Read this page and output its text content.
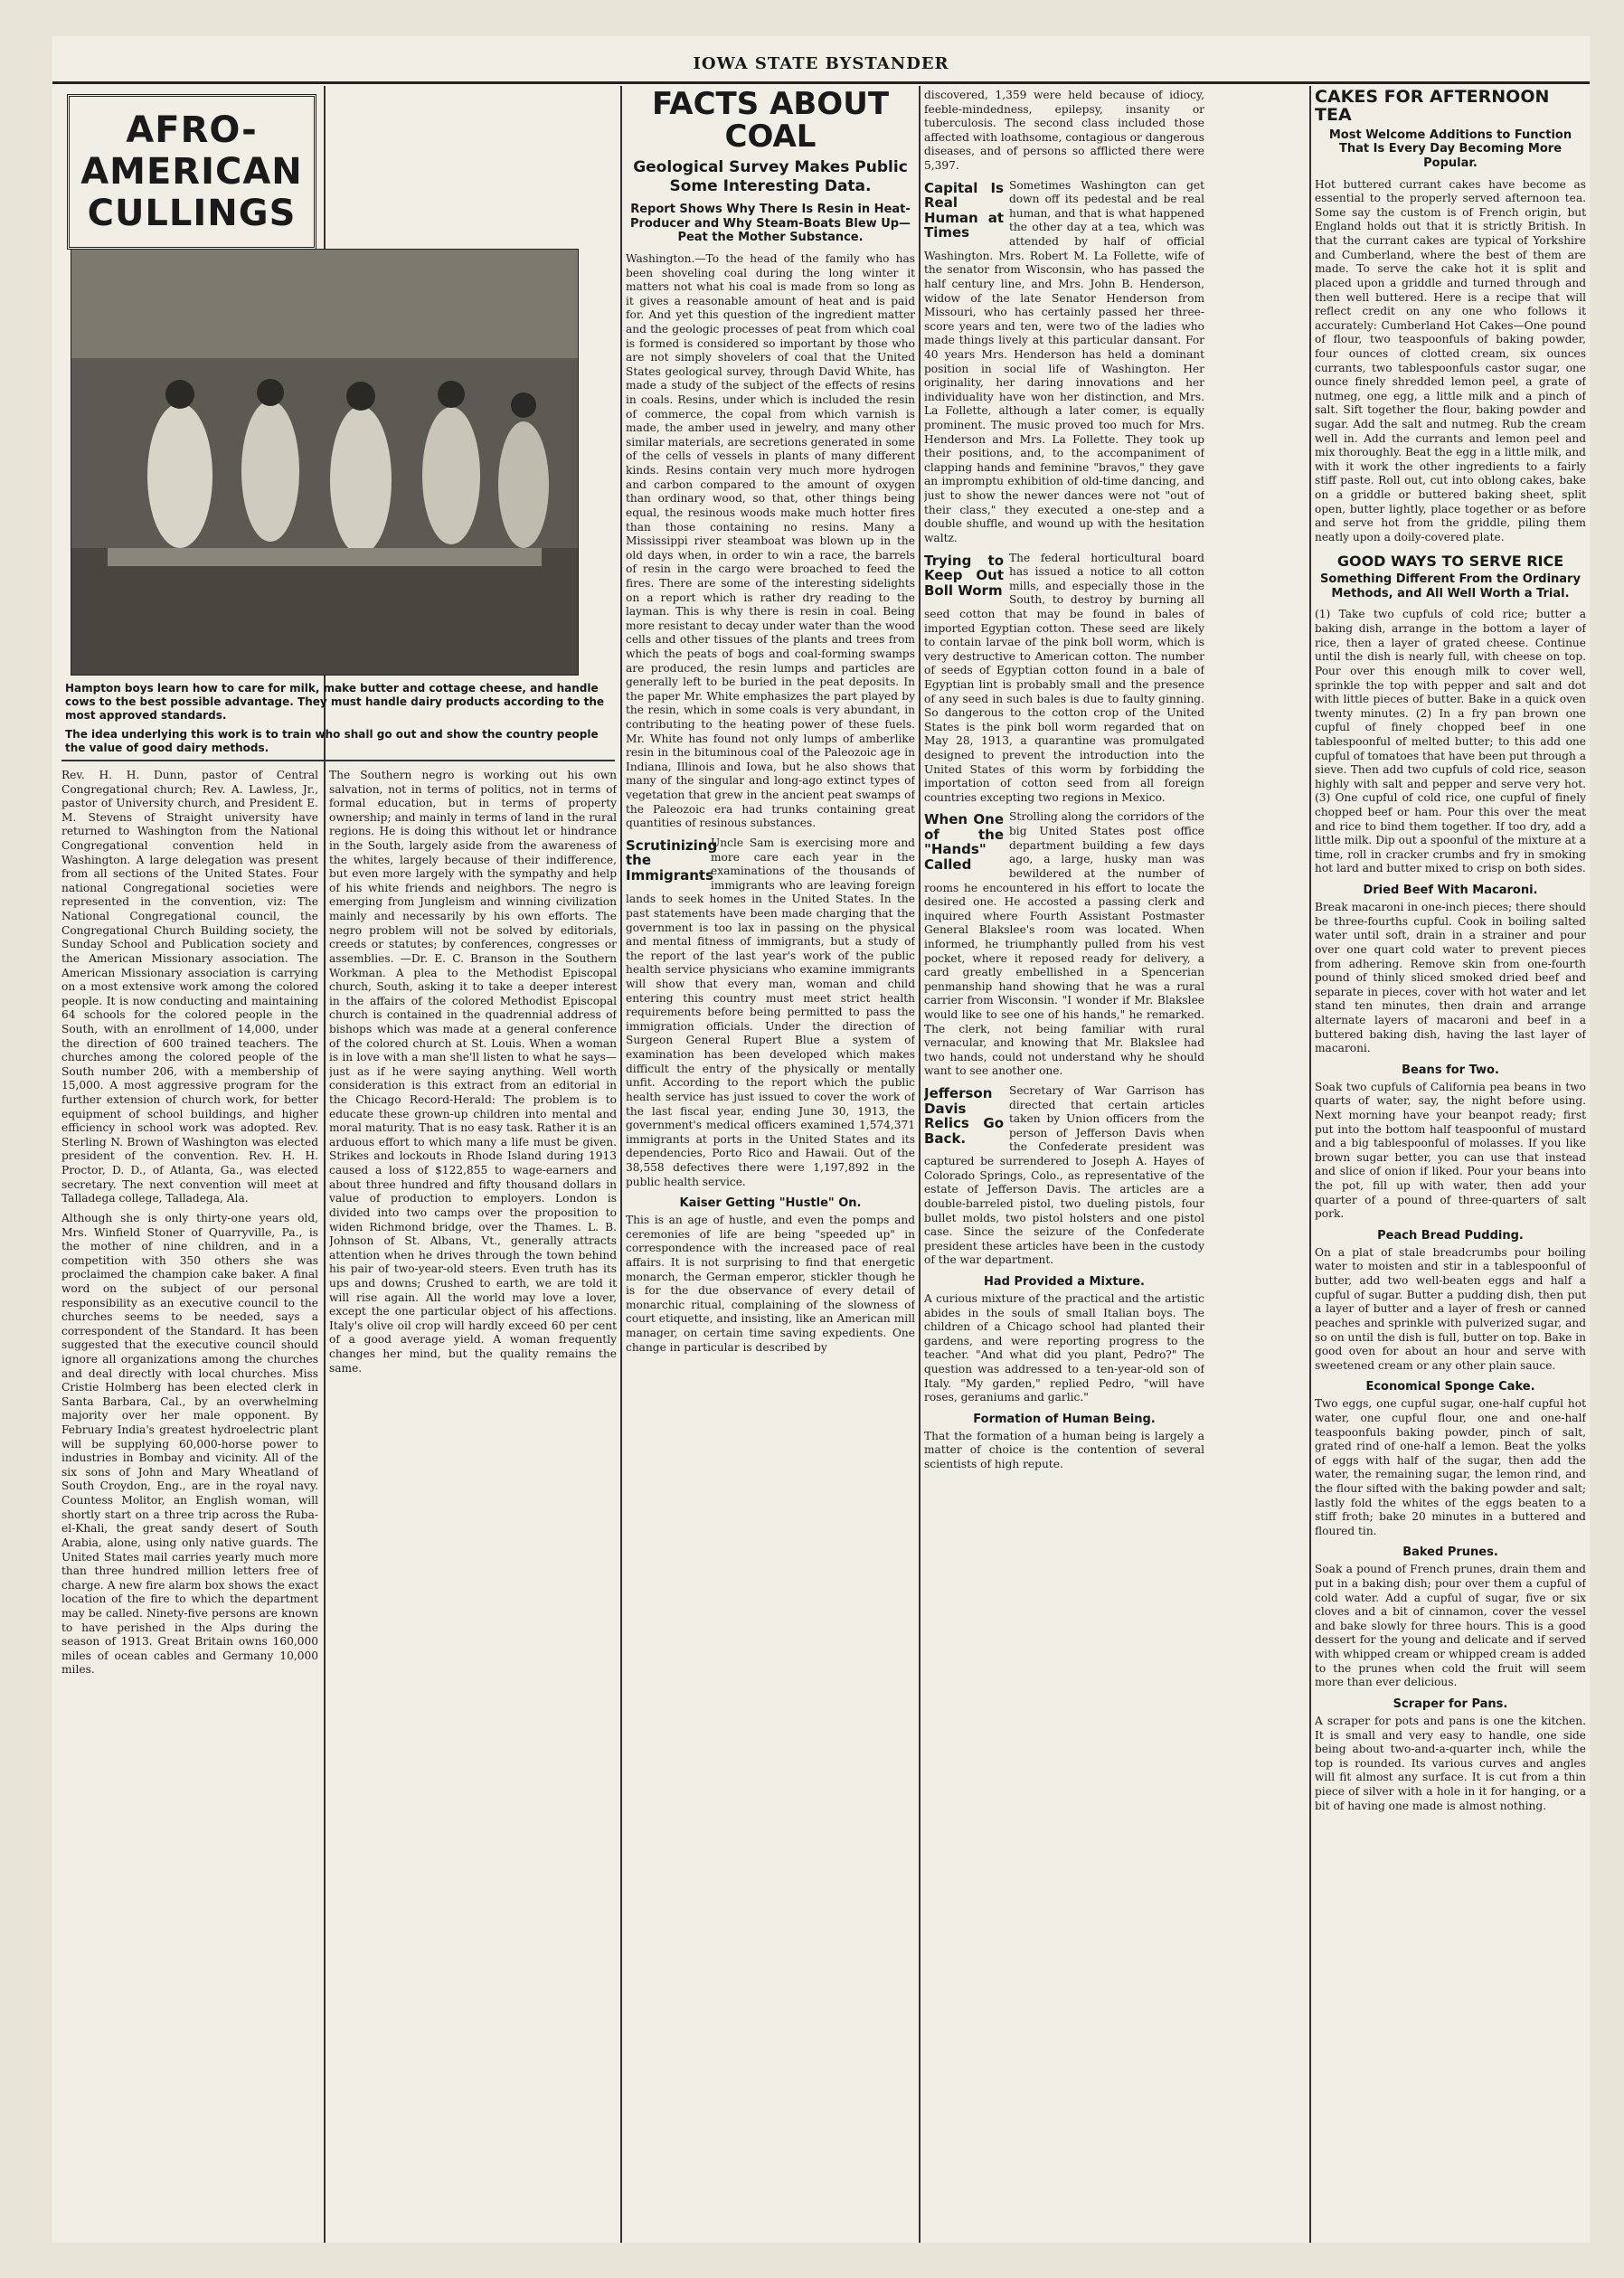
IOWA STATE BYSTANDER
AFRO-AMERICAN CULLINGS
Hampton boys learn how to care for milk, make butter and cottage cheese, and handle cows to the best possible advantage. They must handle dairy products according to the most approved standards.
The idea underlying this work is to train who shall go out and show the country people the value of good dairy methods.
Rev. H. H. Dunn, pastor of Central Congregational church; Rev. A. Lawless, Jr., pastor of University church, and President E. M. Stevens of Straight university have returned to Washington from the National Congregational convention held in Washington. A large delegation was present from all sections of the United States. Four national Congregational societies were represented in the convention, viz: The National Congregational council, the Congregational Church Building society, the Sunday School and Publication society and the American Missionary association. The American Missionary association is carrying on a most extensive work among the colored people. It is now conducting and maintaining 64 schools for the colored people in the South, with an enrollment of 14,000, under the direction of 600 trained teachers. The churches among the colored people of the South number 206, with a membership of 15,000. A most aggressive program for the further extension of church work, for better equipment of school buildings, and higher efficiency in school work was adopted. Rev. Sterling N. Brown of Washington was elected president of the convention. Rev. H. H. Proctor, D. D., of Atlanta, Ga., was elected secretary. The next convention will meet at Talladega college, Talladega, Ala.
Although she is only thirty-one years old, Mrs. Winfield Stoner of Quarryville, Pa., is the mother of nine children, and in a competition with 350 others she was proclaimed the champion cake baker. A final word on the subject of our personal responsibility as an executive council to the churches seems to be needed, says a correspondent of the Standard. It has been suggested that the executive council should ignore all organizations among the churches and deal directly with local churches. Miss Cristie Holmberg has been elected clerk in Santa Barbara, Cal., by an overwhelming majority over her male opponent. By February India's greatest hydroelectric plant will be supplying 60,000-horse power to industries in Bombay and vicinity. All of the six sons of John and Mary Wheatland of South Croydon, Eng., are in the royal navy. Countess Molitor, an English woman, will shortly start on a three trip across the Ruba-el-Khali, the great sandy desert of South Arabia, alone, using only native guards. The United States mail carries yearly much more than three hundred million letters free of charge. A new fire alarm box shows the exact location of the fire to which the department may be called. Ninety-five persons are known to have perished in the Alps during the season of 1913. Great Britain owns 160,000 miles of ocean cables and Germany 10,000 miles.
The Southern negro is working out his own salvation, not in terms of politics, not in terms of formal education, but in terms of property ownership; and mainly in terms of land in the rural regions. He is doing this without let or hindrance in the South, largely aside from the awareness of the whites, largely because of their indifference, but even more largely with the sympathy and help of his white friends and neighbors. The negro is emerging from Jungleism and winning civilization mainly and necessarily by his own efforts. The negro problem will not be solved by editorials, creeds or statutes; by conferences, congresses or assemblies. —Dr. E. C. Branson in the Southern Workman. A plea to the Methodist Episcopal church, South, asking it to take a deeper interest in the affairs of the colored Methodist Episcopal church is contained in the quadrennial address of bishops which was made at a general conference of the colored church at St. Louis. When a woman is in love with a man she'll listen to what he says—just as if he were saying anything. Well worth consideration is this extract from an editorial in the Chicago Record-Herald: The problem is to educate these grown-up children into mental and moral maturity. That is no easy task. Rather it is an arduous effort to which many a life must be given. Strikes and lockouts in Rhode Island during 1913 caused a loss of $122,855 to wage-earners and about three hundred and fifty thousand dollars in value of production to employers. London is divided into two camps over the proposition to widen Richmond bridge, over the Thames. L. B. Johnson of St. Albans, Vt., generally attracts attention when he drives through the town behind his pair of two-year-old steers. Even truth has its ups and downs; Crushed to earth, we are told it will rise again. All the world may love a lover, except the one particular object of his affections. Italy's olive oil crop will hardly exceed 60 per cent of a good average yield. A woman frequently changes her mind, but the quality remains the same.
FACTS ABOUT COAL
Geological Survey Makes Public Some Interesting Data.
Report Shows Why There Is Resin in Heat-Producer and Why Steam-Boats Blew Up—Peat the Mother Substance.
Washington.—To the head of the family who has been shoveling coal during the long winter it matters not what his coal is made from so long as it gives a reasonable amount of heat and is paid for. And yet this question of the ingredient matter and the geologic processes of peat from which coal is formed is considered so important by those who are not simply shovelers of coal that the United States geological survey, through David White, has made a study of the subject of the effects of resins in coals. Resins, under which is included the resin of commerce, the copal from which varnish is made, the amber used in jewelry, and many other similar materials, are secretions generated in some of the cells of vessels in plants of many different kinds. Resins contain very much more hydrogen and carbon compared to the amount of oxygen than ordinary wood, so that, other things being equal, the resinous woods make much hotter fires than those containing no resins. Many a Mississippi river steamboat was blown up in the old days when, in order to win a race, the barrels of resin in the cargo were broached to feed the fires. There are some of the interesting sidelights on a report which is rather dry reading to the layman. This is why there is resin in coal. Being more resistant to decay under water than the wood cells and other tissues of the plants and trees from which the peats of bogs and coal-forming swamps are produced, the resin lumps and particles are generally left to be buried in the peat deposits. In the paper Mr. White emphasizes the part played by the resin, which in some coals is very abundant, in contributing to the heating power of these fuels. Mr. White has found not only lumps of amberlike resin in the bituminous coal of the Paleozoic age in Indiana, Illinois and Iowa, but he also shows that many of the singular and long-ago extinct types of vegetation that grew in the ancient peat swamps of the Paleozoic era had trunks containing great quantities of resinous substances.
Scrutinizing the Immigrants
Uncle Sam is exercising more and more care each year in the examinations of the thousands of immigrants who are leaving foreign lands to seek homes in the United States. In the past statements have been made charging that the government is too lax in passing on the physical and mental fitness of immigrants, but a study of the report of the last year's work of the public health service physicians who examine immigrants will show that every man, woman and child entering this country must meet strict health requirements before being permitted to pass the immigration officials. Under the direction of Surgeon General Rupert Blue a system of examination has been developed which makes difficult the entry of the physically or mentally unfit. According to the report which the public health service has just issued to cover the work of the last fiscal year, ending June 30, 1913, the government's medical officers examined 1,574,371 immigrants at ports in the United States and its dependencies, Porto Rico and Hawaii. Out of the 38,558 defectives there were 1,197,892 in the public health service.
Kaiser Getting "Hustle" On.
This is an age of hustle, and even the pomps and ceremonies of life are being "speeded up" in correspondence with the increased pace of real affairs. It is not surprising to find that energetic monarch, the German emperor, stickler though he is for the due observance of every detail of monarchic ritual, complaining of the slowness of court etiquette, and insisting, like an American mill manager, on certain time saving expedients. One change in particular is described by
discovered, 1,359 were held because of idiocy, feeble-mindedness, epilepsy, insanity or tuberculosis. The second class included those affected with loathsome, contagious or dangerous diseases, and of persons so afflicted there were 5,397.
Capital Is Real Human at Times
Sometimes Washington can get down off its pedestal and be real human, and that is what happened the other day at a tea, which was attended by half of official Washington. Mrs. Robert M. La Follette, wife of the senator from Wisconsin, who has passed the half century line, and Mrs. John B. Henderson, widow of the late Senator Henderson from Missouri, who has certainly passed her three-score years and ten, were two of the ladies who made things lively at this particular dansant. For 40 years Mrs. Henderson has held a dominant position in social life of Washington. Her originality, her daring innovations and her individuality have won her distinction, and Mrs. La Follette, although a later comer, is equally prominent. The music proved too much for Mrs. Henderson and Mrs. La Follette. They took up their positions, and, to the accompaniment of clapping hands and feminine "bravos," they gave an impromptu exhibition of old-time dancing, and just to show the newer dances were not "out of their class," they executed a one-step and a double shuffle, and wound up with the hesitation waltz.
Trying to Keep Out Boll Worm
The federal horticultural board has issued a notice to all cotton mills, and especially those in the South, to destroy by burning all seed cotton that may be found in bales of imported Egyptian cotton. These seed are likely to contain larvae of the pink boll worm, which is very destructive to American cotton. The number of seeds of Egyptian cotton found in a bale of Egyptian lint is probably small and the presence of any seed in such bales is due to faulty ginning. So dangerous to the cotton crop of the United States is the pink boll worm regarded that on May 28, 1913, a quarantine was promulgated designed to prevent the introduction into the United States of this worm by forbidding the importation of cotton seed from all foreign countries excepting two regions in Mexico.
When One of the "Hands" Called
Strolling along the corridors of the big United States post office department building a few days ago, a large, husky man was bewildered at the number of rooms he encountered in his effort to locate the desired one. He accosted a passing clerk and inquired where Fourth Assistant Postmaster General Blakslee's room was located. When informed, he triumphantly pulled from his vest pocket, where it reposed ready for delivery, a card greatly embellished in a Spencerian penmanship hand showing that he was a rural carrier from Wisconsin. "I wonder if Mr. Blakslee would like to see one of his hands," he remarked. The clerk, not being familiar with rural vernacular, and knowing that Mr. Blakslee had two hands, could not understand why he should want to see another one.
Jefferson Davis Relics Go Back.
Secretary of War Garrison has directed that certain articles taken by Union officers from the person of Jefferson Davis when the Confederate president was captured be surrendered to Joseph A. Hayes of Colorado Springs, Colo., as representative of the estate of Jefferson Davis. The articles are a double-barreled pistol, two dueling pistols, four bullet molds, two pistol holsters and one pistol case. Since the seizure of the Confederate president these articles have been in the custody of the war department.
Had Provided a Mixture.
A curious mixture of the practical and the artistic abides in the souls of small Italian boys. The children of a Chicago school had planted their gardens, and were reporting progress to the teacher. "And what did you plant, Pedro?" The question was addressed to a ten-year-old son of Italy. "My garden," replied Pedro, "will have roses, geraniums and garlic."
Formation of Human Being.
That the formation of a human being is largely a matter of choice is the contention of several scientists of high repute.
CAKES FOR AFTERNOON TEA
Most Welcome Additions to Function That Is Every Day Becoming More Popular.
Hot buttered currant cakes have become as essential to the properly served afternoon tea. Some say the custom is of French origin, but England holds out that it is strictly British. In that the currant cakes are typical of Yorkshire and Cumberland, where the best of them are made. To serve the cake hot it is split and placed upon a griddle and turned through and then well buttered. Here is a recipe that will reflect credit on any one who follows it accurately: Cumberland Hot Cakes—One pound of flour, two teaspoonfuls of baking powder, four ounces of clotted cream, six ounces currants, two tablespoonfuls castor sugar, one ounce finely shredded lemon peel, a grate of nutmeg, one egg, a little milk and a pinch of salt. Sift together the flour, baking powder and sugar. Add the salt and nutmeg. Rub the cream well in. Add the currants and lemon peel and mix thoroughly. Beat the egg in a little milk, and with it work the other ingredients to a fairly stiff paste. Roll out, cut into oblong cakes, bake on a griddle or buttered baking sheet, split open, butter lightly, place together or as before and serve hot from the griddle, piling them neatly upon a doily-covered plate.
GOOD WAYS TO SERVE RICE
Something Different From the Ordinary Methods, and All Well Worth a Trial.
(1) Take two cupfuls of cold rice; butter a baking dish, arrange in the bottom a layer of rice, then a layer of grated cheese. Continue until the dish is nearly full, with cheese on top. Pour over this enough milk to cover well, sprinkle the top with pepper and salt and dot with little pieces of butter. Bake in a quick oven twenty minutes. (2) In a fry pan brown one cupful of finely chopped beef in one tablespoonful of melted butter; to this add one cupful of tomatoes that have been put through a sieve. Then add two cupfuls of cold rice, season highly with salt and pepper and serve very hot. (3) One cupful of cold rice, one cupful of finely chopped beef or ham. Pour this over the meat and rice to bind them together. If too dry, add a little milk. Dip out a spoonful of the mixture at a time, roll in cracker crumbs and fry in smoking hot lard and butter mixed to crisp on both sides.
Dried Beef With Macaroni.
Break macaroni in one-inch pieces; there should be three-fourths cupful. Cook in boiling salted water until soft, drain in a strainer and pour over one quart cold water to prevent pieces from adhering. Remove skin from one-fourth pound of thinly sliced smoked dried beef and separate in pieces, cover with hot water and let stand ten minutes, then drain and arrange alternate layers of macaroni and beef in a buttered baking dish, having the last layer of macaroni.
Beans for Two.
Soak two cupfuls of California pea beans in two quarts of water, say, the night before using. Next morning have your beanpot ready; first put into the bottom half teaspoonful of mustard and a big tablespoonful of molasses. If you like brown sugar better, you can use that instead and slice of onion if liked. Pour your beans into the pot, fill up with water, then add your quarter of a pound of three-quarters of salt pork.
Peach Bread Pudding.
On a plat of stale breadcrumbs pour boiling water to moisten and stir in a tablespoonful of butter, add two well-beaten eggs and half a cupful of sugar. Butter a pudding dish, then put a layer of butter and a layer of fresh or canned peaches and sprinkle with pulverized sugar, and so on until the dish is full, butter on top. Bake in good oven for about an hour and serve with sweetened cream or any other plain sauce.
Economical Sponge Cake.
Two eggs, one cupful sugar, one-half cupful hot water, one cupful flour, one and one-half teaspoonfuls baking powder, pinch of salt, grated rind of one-half a lemon. Beat the yolks of eggs with half of the sugar, then add the water, the remaining sugar, the lemon rind, and the flour sifted with the baking powder and salt; lastly fold the whites of the eggs beaten to a stiff froth; bake 20 minutes in a buttered and floured tin.
Baked Prunes.
Soak a pound of French prunes, drain them and put in a baking dish; pour over them a cupful of cold water. Add a cupful of sugar, five or six cloves and a bit of cinnamon, cover the vessel and bake slowly for three hours. This is a good dessert for the young and delicate and if served with whipped cream or whipped cream is added to the prunes when cold the fruit will seem more than ever delicious.
Scraper for Pans.
A scraper for pots and pans is one the kitchen. It is small and very easy to handle, one side being about two-and-a-quarter inch, while the top is rounded. Its various curves and angles will fit almost any surface. It is cut from a thin piece of silver with a hole in it for hanging, or a bit of having one made is almost nothing.
